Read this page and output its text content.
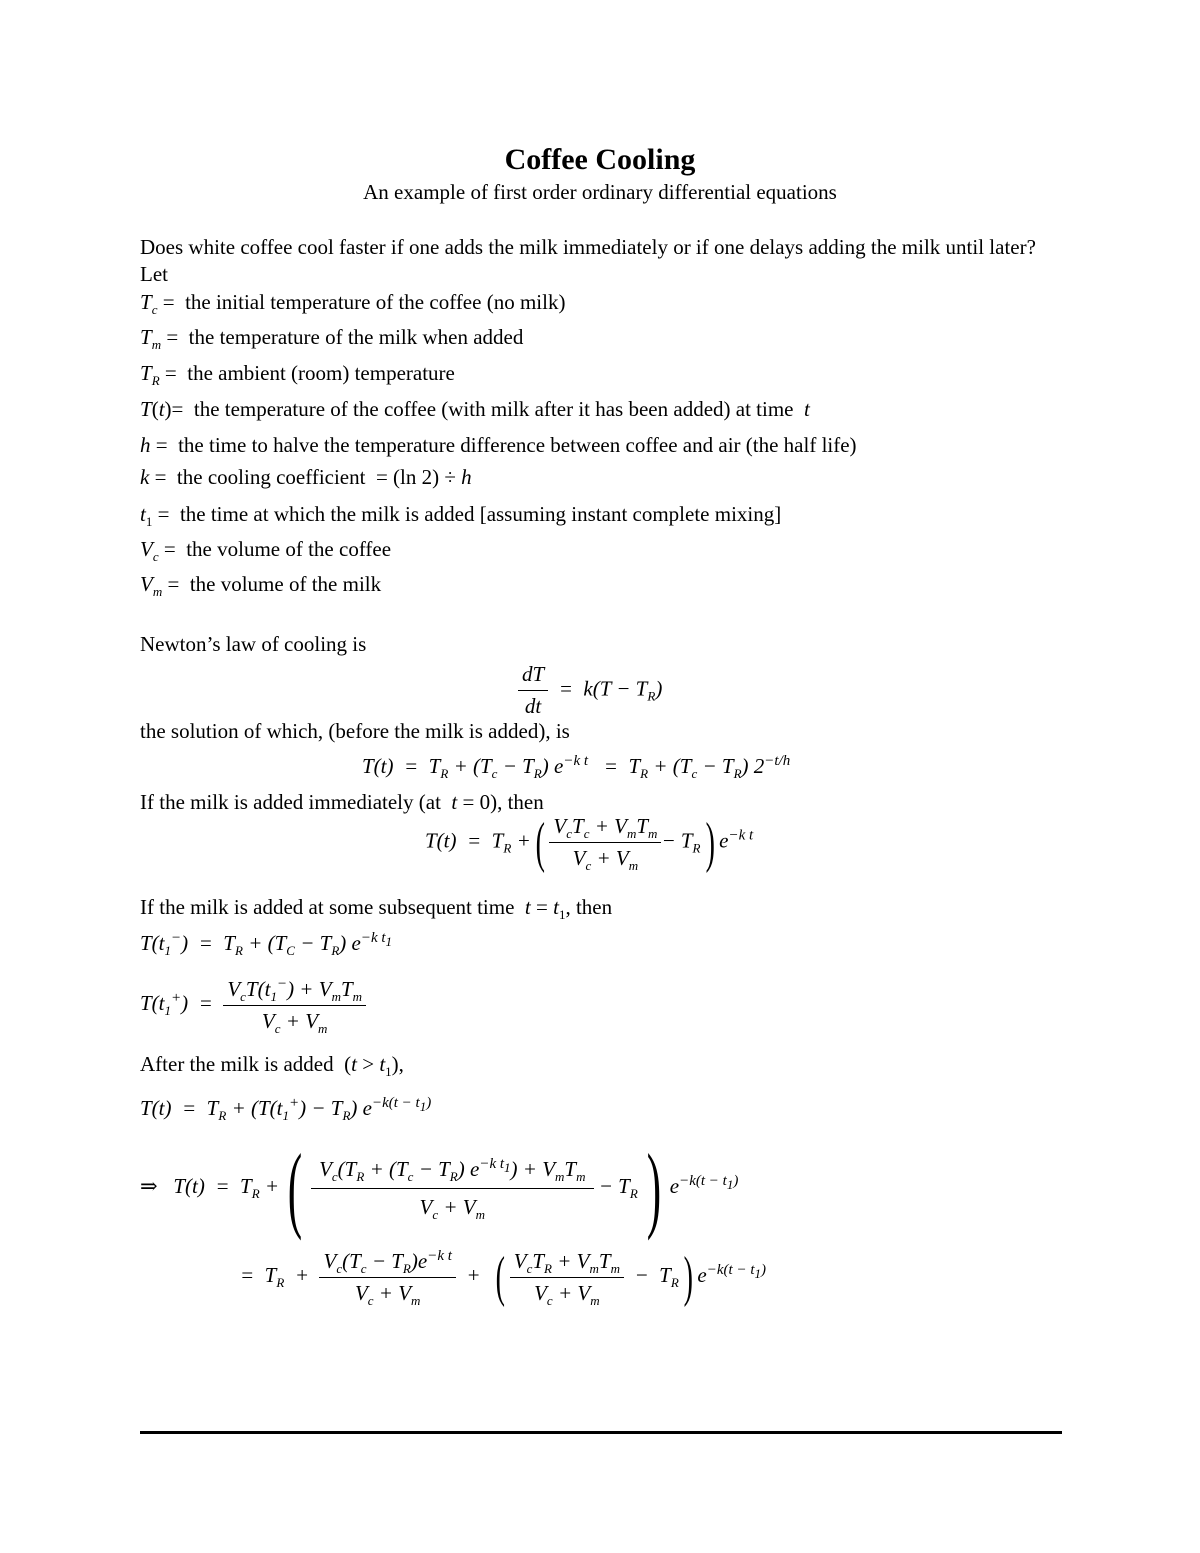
Coffee Cooling
An example of first order ordinary differential equations
Does white coffee cool faster if one adds the milk immediately or if one delays adding the milk until later? Let
$T_c$ =  the initial temperature of the coffee (no milk)
$T_m$ =  the temperature of the milk when added
$T_R$ =  the ambient (room) temperature
T(t)=  the temperature of the coffee (with milk after it has been added) at time t
h =  the time to halve the temperature difference between coffee and air (the half life)
k =  the cooling coefficient  = (ln 2) ÷ h
$t_1$ =  the time at which the milk is added [assuming instant complete mixing]
$V_c$ =  the volume of the coffee
$V_m$ =  the volume of the milk
Newton’s law of cooling is
$\frac{dT}{dt} = k(T - T_R)$
the solution of which, (before the milk is added), is
$T(t) = T_R + (T_c - T_R) e^{-k t} = T_R + (T_c - T_R)$ $2^{-t/h}$
If the milk is added immediately (at t = 0), then
$T(t) = T_R$ +( $\frac{V_cT_c + V_mT_m}{V_c + V_m} - T_R$) $e^{-k t}$
If the milk is added at some subsequent time $t = t_1$, then
$T(t_1^-) = T_R + (T_C - T_R)$ $e^{-k t_1}$
$T(t_1^+) = \frac{V_cT(t_1^-) + V_mT_m}{V_c + V_m}$
After the milk is added  $(t > t_1)$,
$T(t) = T_R + (T(t_1^+) - T_R)$ $e^{-k(t - t_1)}$
⇒   $T(t) = T_R$ +( $\frac{V_c(T_R + (T_c - T_R) e^{-k t_1}) + V_mT_m}{V_c + V_m} - T_R$) $e^{-k(t - t_1)}$
=  $T_R + \frac{V_c(T_c - T_R)e^{-k t}}{V_c + V_m}$ +  ( $\frac{V_cT_R + V_mT_m}{V_c + V_m} - T_R$) $e^{-k(t - t_1)}$
